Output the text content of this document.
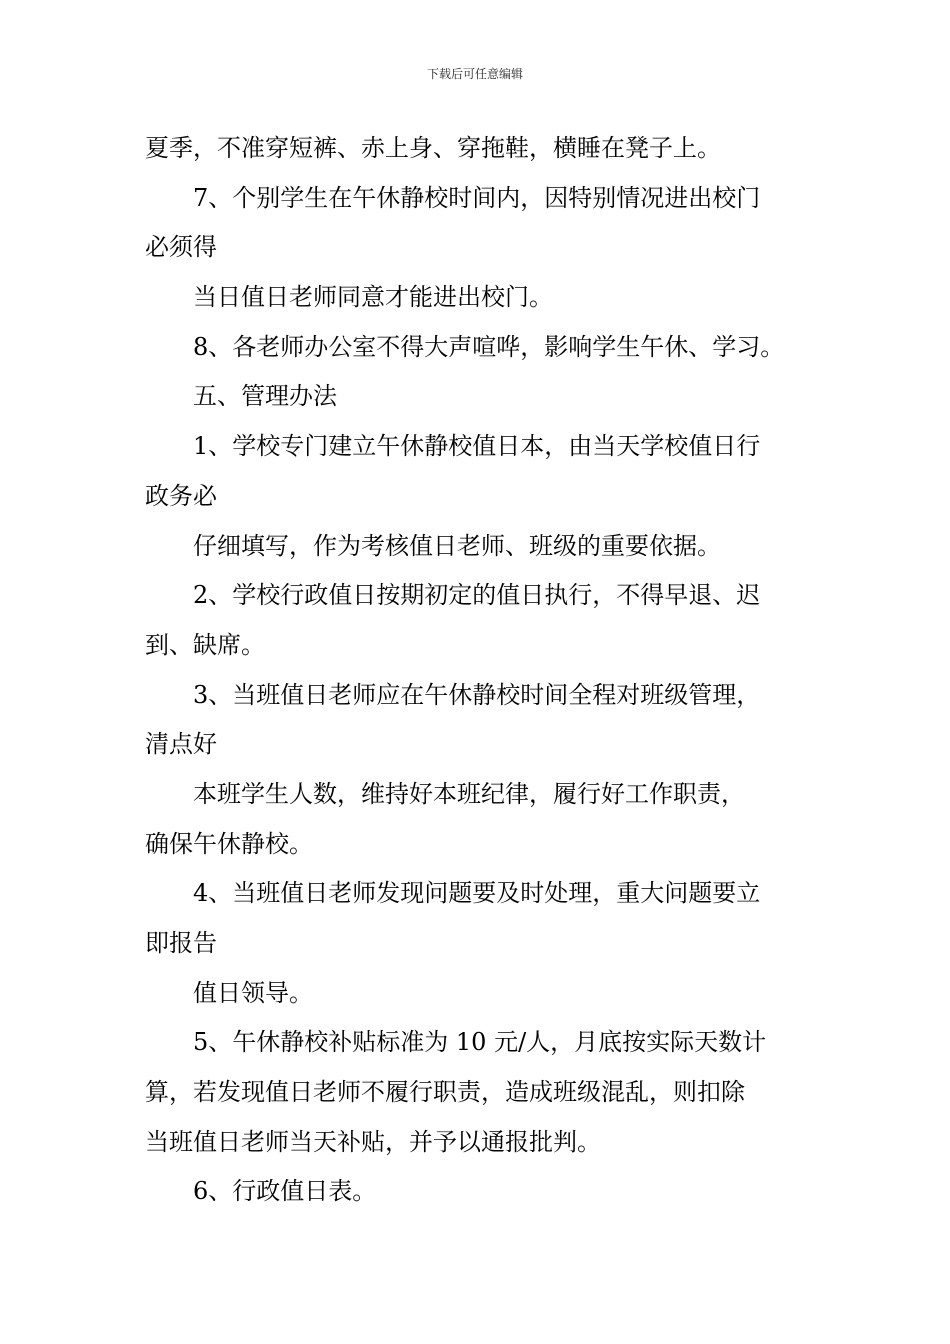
下载后可任意编辑
夏季，不准穿短裤、赤上身、穿拖鞋，横睡在凳子上。
7、个别学生在午休静校时间内，因特别情况进出校门
必须得
当日值日老师同意才能进出校门。
8、各老师办公室不得大声喧哗，影响学生午休、学习。
五、管理办法
1、学校专门建立午休静校值日本，由当天学校值日行
政务必
仔细填写，作为考核值日老师、班级的重要依据。
2、学校行政值日按期初定的值日执行，不得早退、迟
到、缺席。
3、当班值日老师应在午休静校时间全程对班级管理，
清点好
本班学生人数，维持好本班纪律，履行好工作职责，
确保午休静校。
4、当班值日老师发现问题要及时处理，重大问题要立
即报告
值日领导。
5、午休静校补贴标准为 10 元/人，月底按实际天数计
算，若发现值日老师不履行职责，造成班级混乱，则扣除
当班值日老师当天补贴，并予以通报批判。
6、行政值日表。
